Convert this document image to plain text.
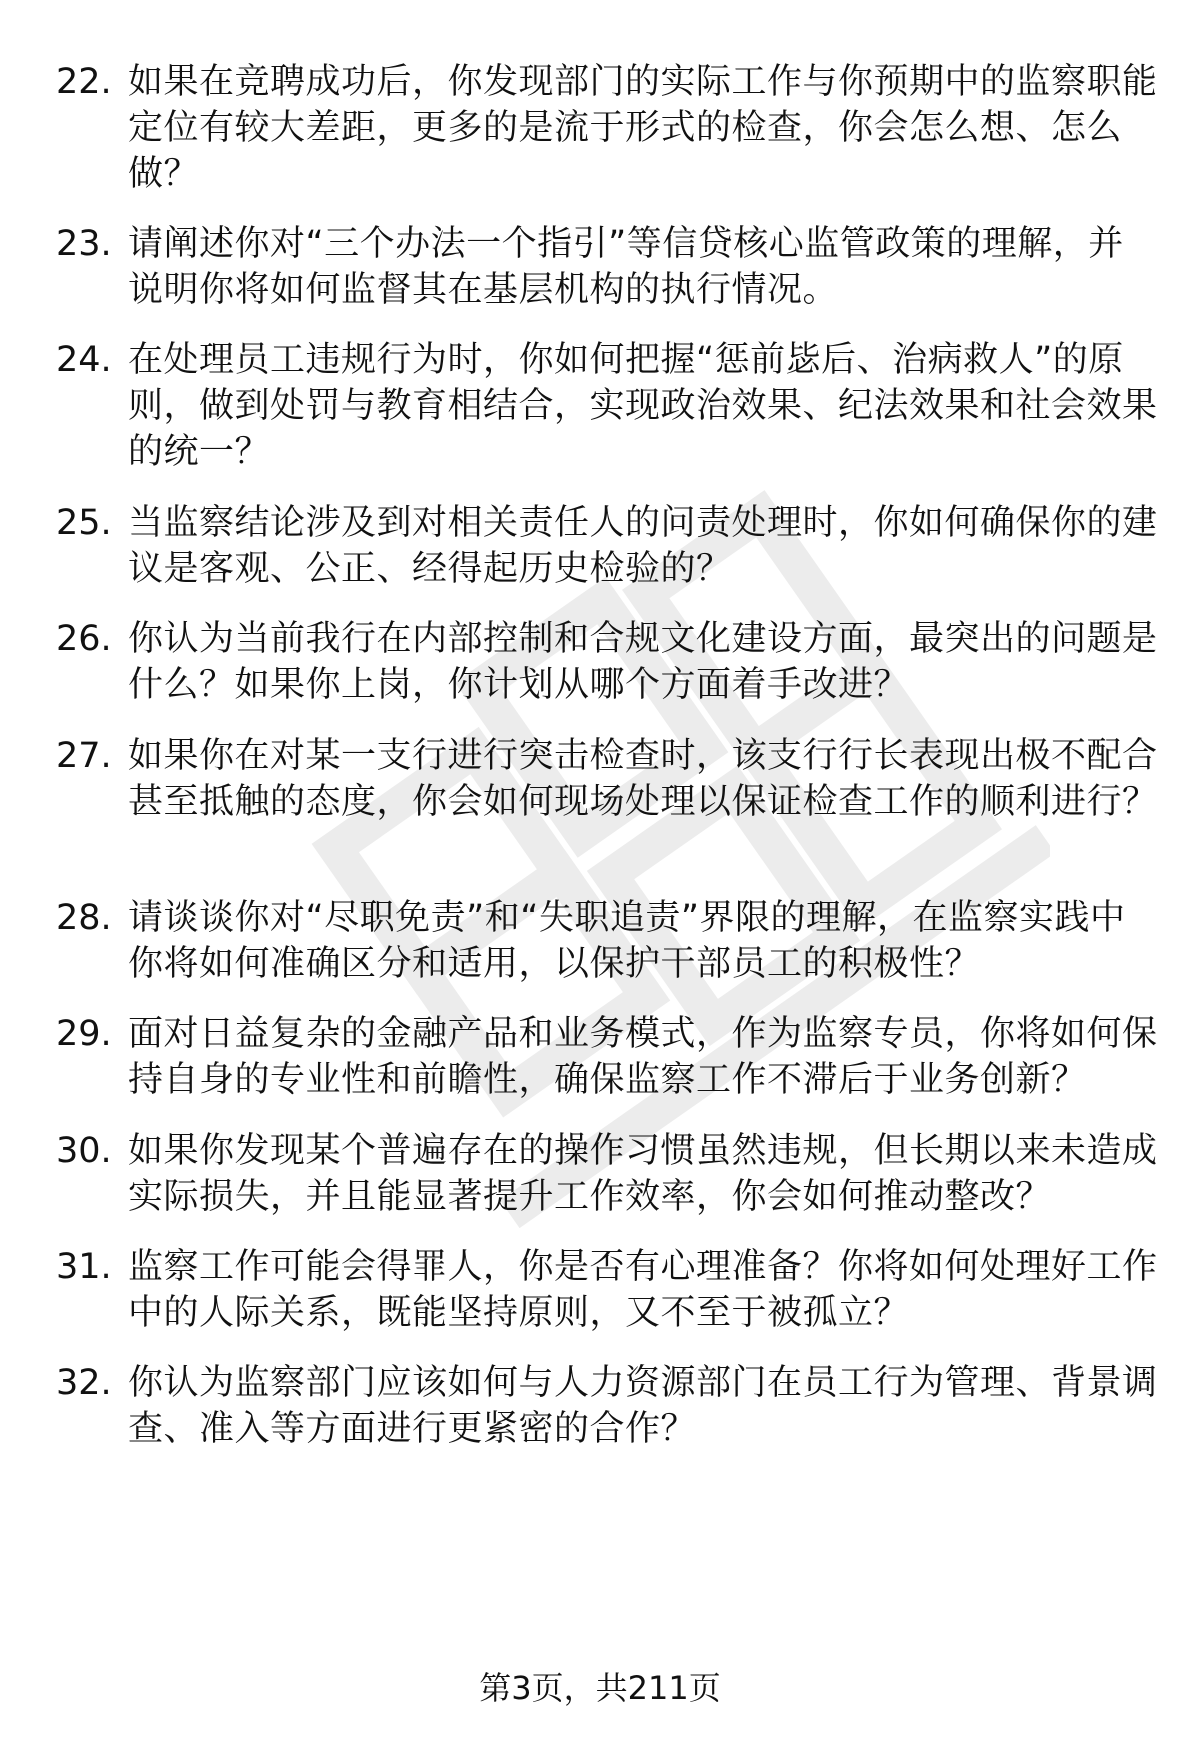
22. 如果在竞聘成功后，你发现部门的实际工作与你预期中的监察职能定位有较大差距，更多的是流于形式的检查，你会怎么想、怎么做？
23. 请阐述你对“三个办法一个指引”等信贷核心监管政策的理解，并说明你将如何监督其在基层机构的执行情况。
24. 在处理员工违规行为时，你如何把握“惩前毖后、治病救人”的原则，做到处罚与教育相结合，实现政治效果、纪法效果和社会效果的统一？
25. 当监察结论涉及到对相关责任人的问责处理时，你如何确保你的建议是客观、公正、经得起历史检验的？
26. 你认为当前我行在内部控制和合规文化建设方面，最突出的问题是什么？如果你上岗，你计划从哪个方面着手改进？
27. 如果你在对某一支行进行突击检查时，该支行行长表现出极不配合甚至抵触的态度，你会如何现场处理以保证检查工作的顺利进行？
28. 请谈谈你对“尽职免责”和“失职追责”界限的理解，在监察实践中你将如何准确区分和适用，以保护干部员工的积极性？
29. 面对日益复杂的金融产品和业务模式，作为监察专员，你将如何保持自身的专业性和前瞻性，确保监察工作不滞后于业务创新？
30. 如果你发现某个普遍存在的操作习惯虽然违规，但长期以来未造成实际损失，并且能显著提升工作效率，你会如何推动整改？
31. 监察工作可能会得罪人，你是否有心理准备？你将如何处理好工作中的人际关系，既能坚持原则，又不至于被孤立？
32. 你认为监察部门应该如何与人力资源部门在员工行为管理、背景调查、准入等方面进行更紧密的合作？
第3页，共211页
